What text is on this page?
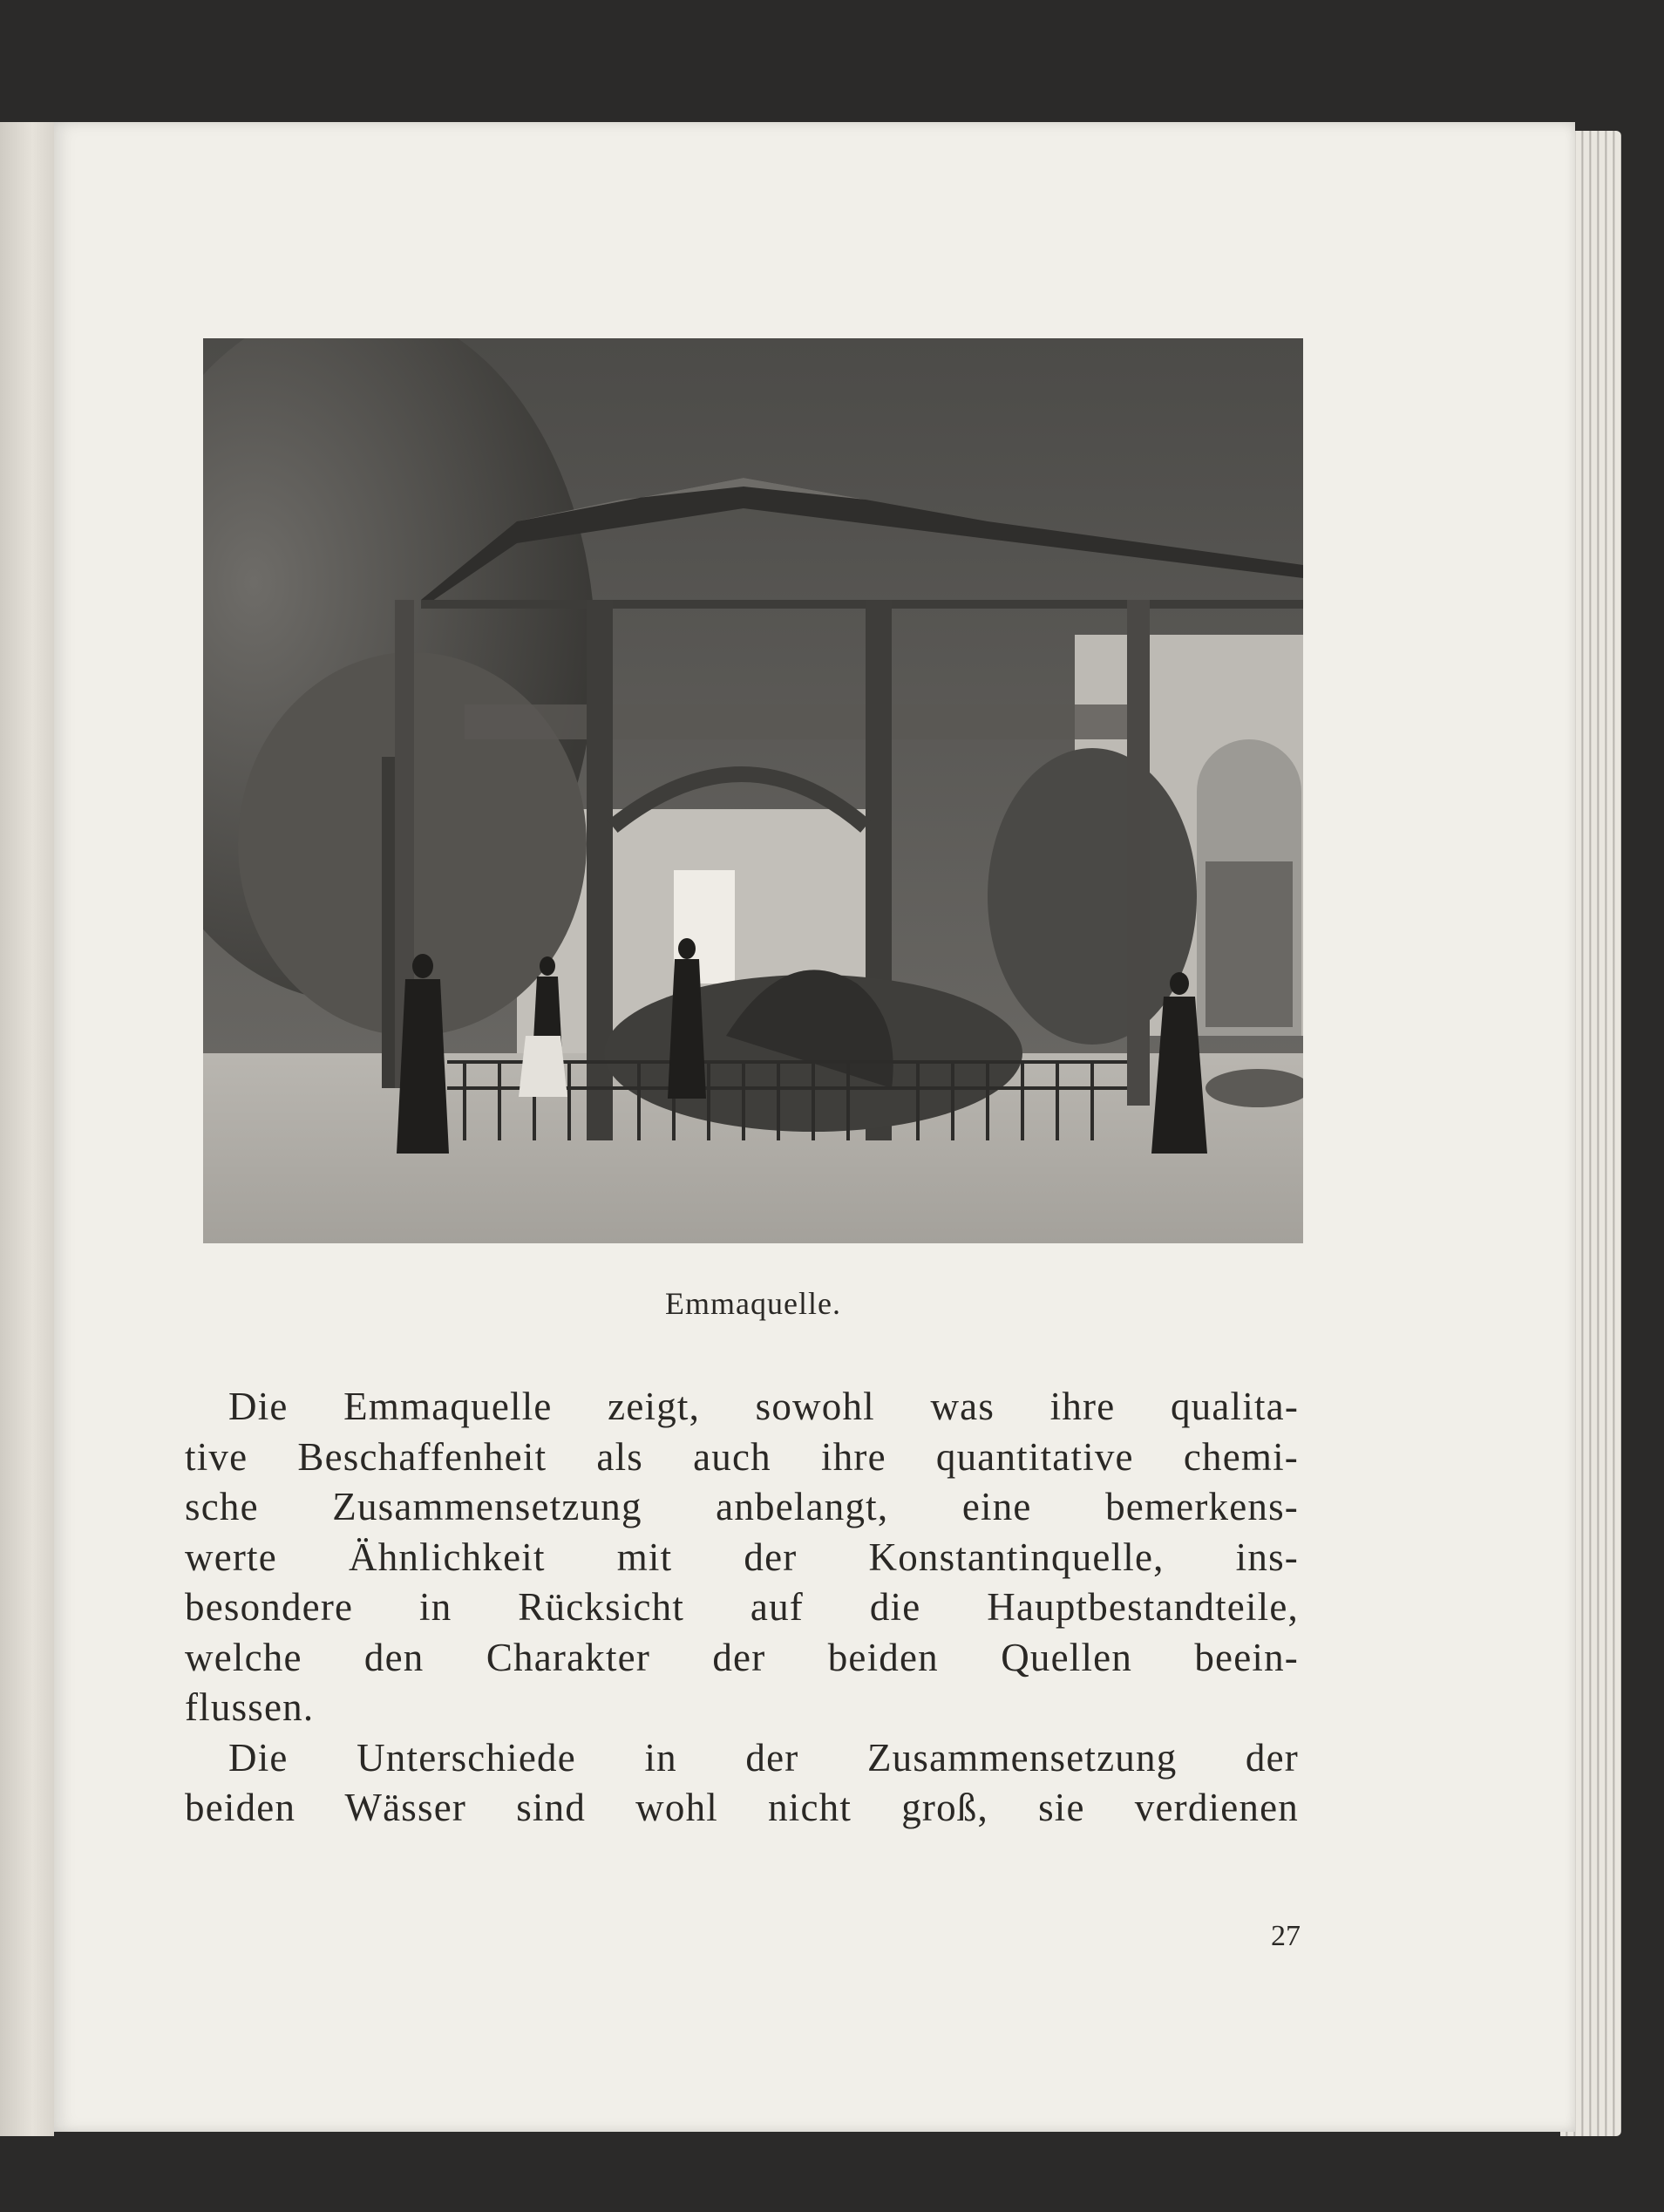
Emmaquelle.
Die Emmaquelle zeigt, sowohl was ihre qualita-
tive Beschaffenheit als auch ihre quantitative chemi-
sche Zusammensetzung anbelangt, eine bemerkens-
werte Ähnlichkeit mit der Konstantinquelle, ins-
besondere in Rücksicht auf die Hauptbestandteile,
welche den Charakter der beiden Quellen beein-
flussen.
Die Unterschiede in der Zusammensetzung der
beiden Wässer sind wohl nicht groß, sie verdienen
27
